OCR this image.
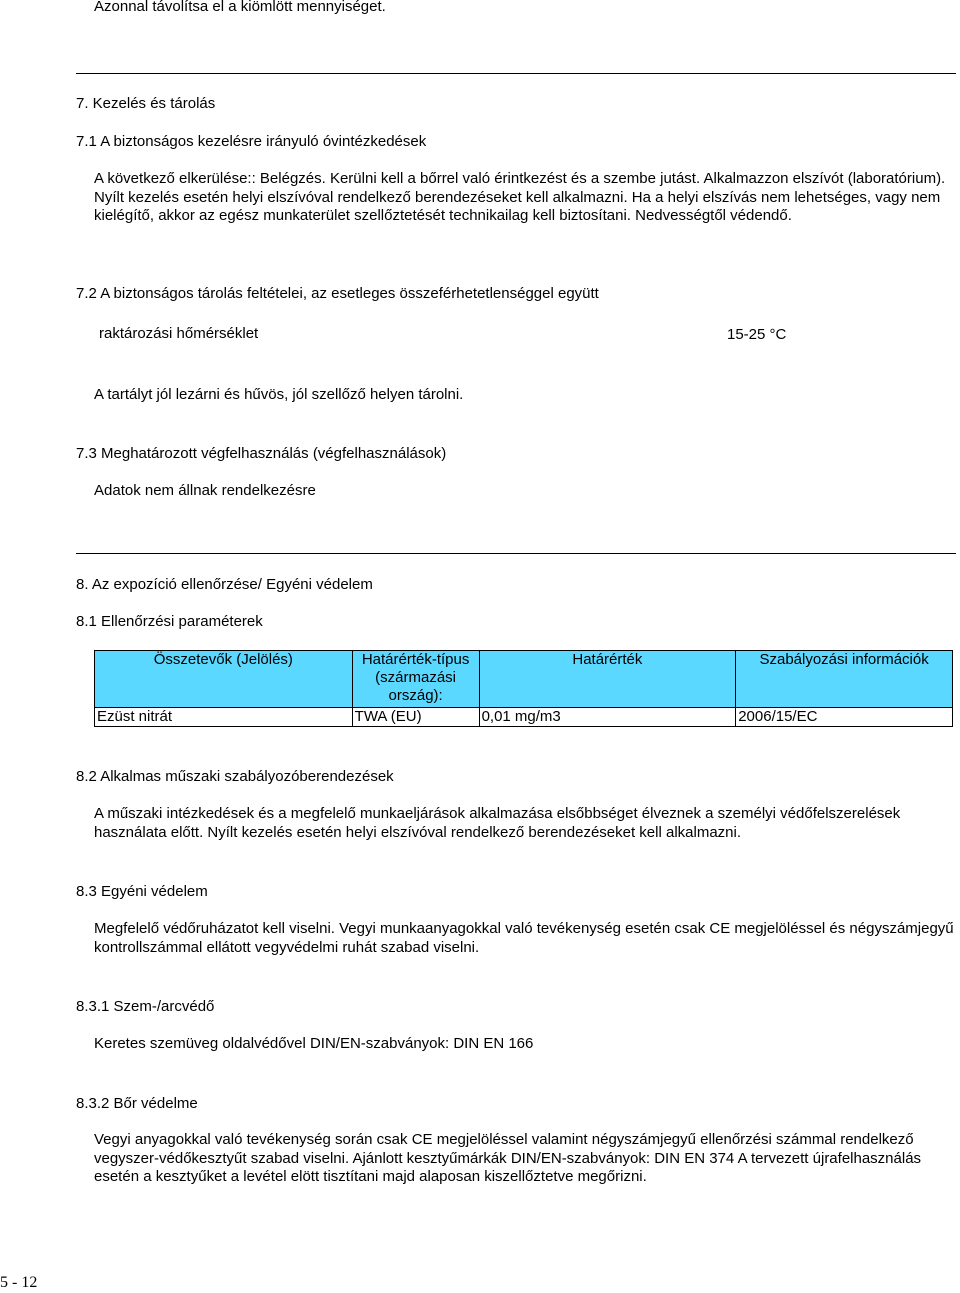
Azonnal távolítsa el a kiömlött mennyiséget.
7. Kezelés és tárolás
7.1 A biztonságos kezelésre irányuló óvintézkedések
A következő elkerülése:: Belégzés. Kerülni kell a bőrrel való érintkezést és a szembe jutást. Alkalmazzon elszívót (laboratórium). Nyílt kezelés esetén helyi elszívóval rendelkező berendezéseket kell alkalmazni. Ha a helyi elszívás nem lehetséges, vagy nem kielégítő, akkor az egész munkaterület szellőztetését technikailag kell biztosítani. Nedvességtől védendő.
7.2 A biztonságos tárolás feltételei, az esetleges összeférhetetlenséggel együtt
raktározási hőmérséklet	15-25 °C
A tartályt jól lezárni és hűvös, jól szellőző helyen tárolni.
7.3 Meghatározott végfelhasználás (végfelhasználások)
Adatok nem állnak rendelkezésre
8. Az expozíció ellenőrzése/ Egyéni védelem
8.1 Ellenőrzési paraméterek
Összetevők (Jelölés)	Határérték-típus (származási ország):	Határérték	Szabályozási információk
Ezüst nitrát	TWA (EU)	0,01 mg/m3	2006/15/EC
8.2 Alkalmas műszaki szabályozóberendezések
A műszaki intézkedések és a megfelelő munkaeljárások alkalmazása elsőbbséget élveznek a személyi védőfelszerelések használata előtt. Nyílt kezelés esetén helyi elszívóval rendelkező berendezéseket kell alkalmazni.
8.3 Egyéni védelem
Megfelelő védőruházatot kell viselni. Vegyi munkaanyagokkal való tevékenység esetén csak CE megjelöléssel és négyszámjegyű kontrollszámmal ellátott vegyvédelmi ruhát szabad viselni.
8.3.1 Szem-/arcvédő
Keretes szemüveg oldalvédővel DIN/EN-szabványok: DIN EN 166
8.3.2 Bőr védelme
Vegyi anyagokkal való tevékenység során csak CE megjelöléssel valamint négyszámjegyű ellenőrzési számmal rendelkező vegyszer-védőkesztyűt szabad viselni. Ajánlott kesztyűmárkák DIN/EN-szabványok: DIN EN 374 A tervezett újrafelhasználás esetén a kesztyűket a levétel elött tisztítani majd alaposan kiszellőztetve megőrizni.
5 - 12
